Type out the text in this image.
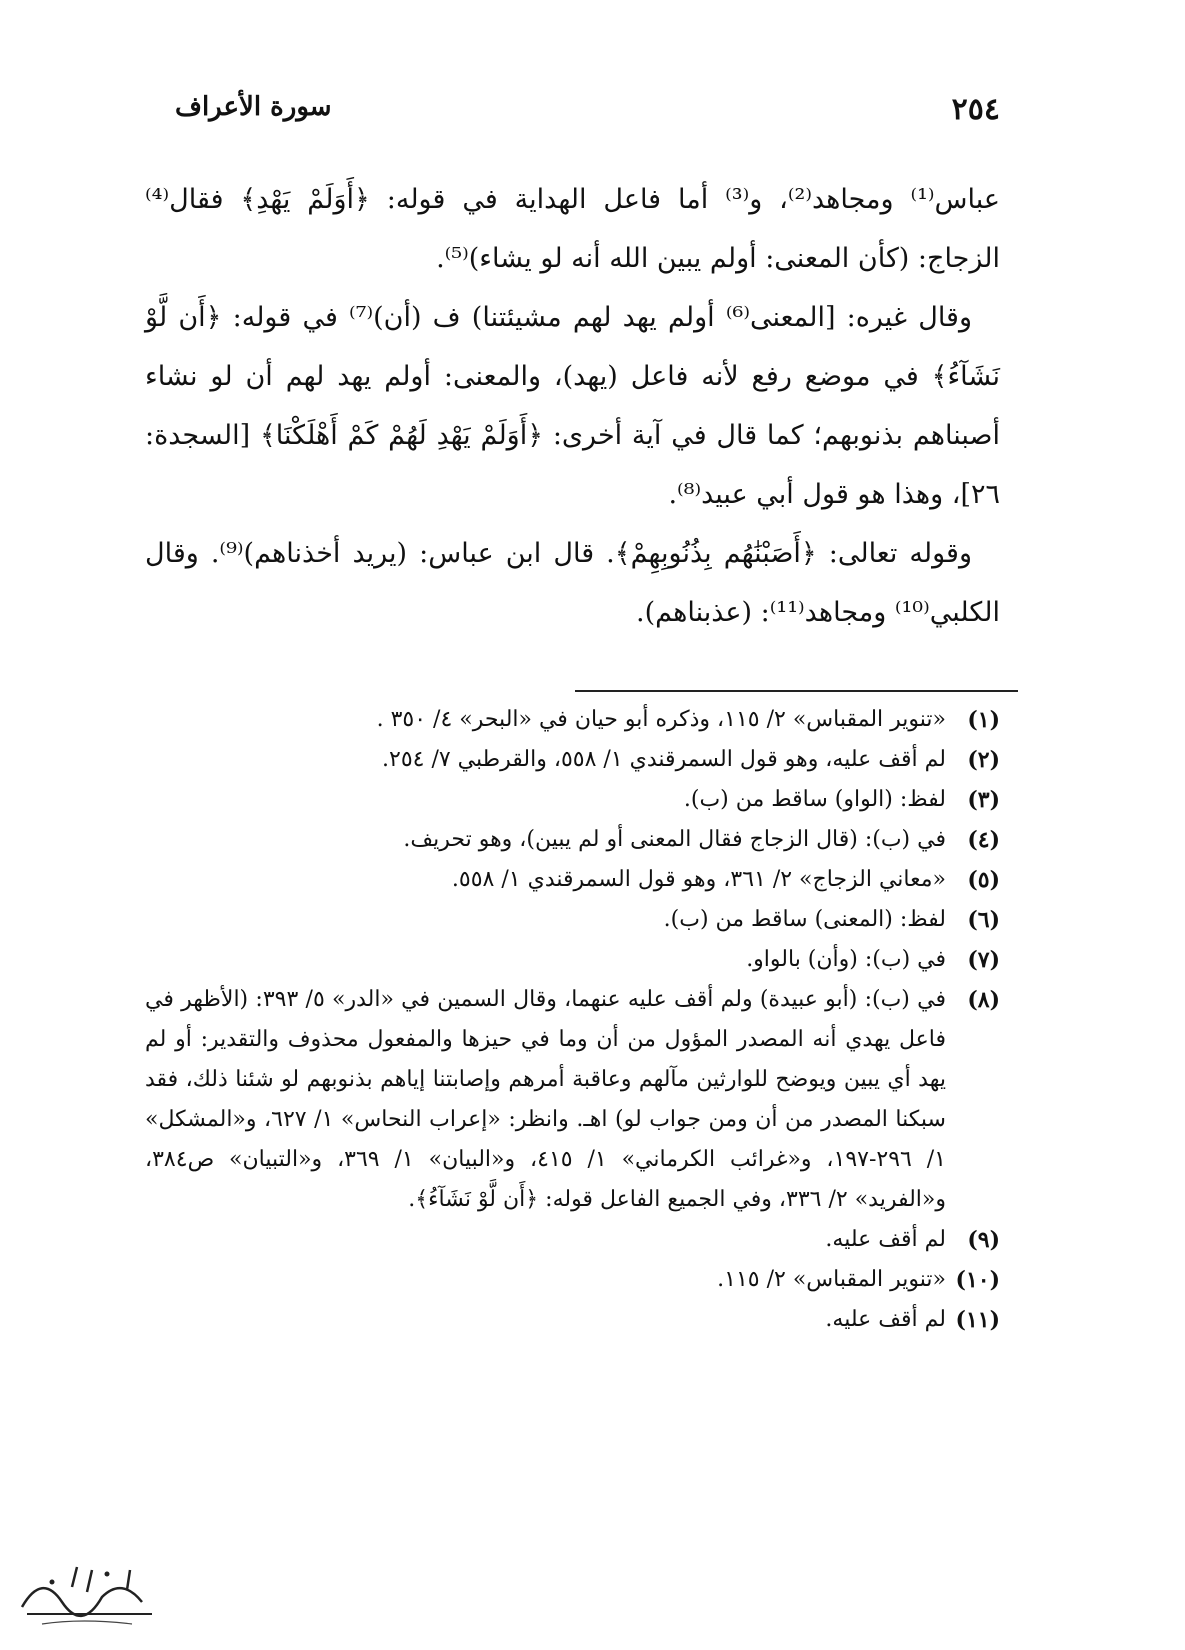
٢٥٤
سورة الأعراف

عباس⁽¹⁾ ومجاهد⁽²⁾، و⁽³⁾ أما فاعل الهداية في قوله: ﴿أَوَلَمْ يَهْدِ﴾ فقال⁽⁴⁾ الزجاج: (كأن المعنى: أولم يبين الله أنه لو يشاء)⁽⁵⁾.

وقال غيره: [المعنى⁽⁶⁾ أولم يهد لهم مشيئتنا) ف (أن)⁽⁷⁾ في قوله: ﴿أَن لَّوْ نَشَآءُ﴾ في موضع رفع لأنه فاعل (يهد)، والمعنى: أولم يهد لهم أن لو نشاء أصبناهم بذنوبهم؛ كما قال في آية أخرى: ﴿أَوَلَمْ يَهْدِ لَهُمْ كَمْ أَهْلَكْنَا﴾ [السجدة: ٢٦]، وهذا هو قول أبي عبيد⁽⁸⁾.

وقوله تعالى: ﴿أَصَبْنَٰهُم بِذُنُوبِهِمْ﴾. قال ابن عباس: (يريد أخذناهم)⁽⁹⁾. وقال الكلبي⁽¹⁰⁾ ومجاهد⁽¹¹⁾: (عذبناهم).

(١)
«تنوير المقباس» ٢/ ١١٥، وذكره أبو حيان في «البحر» ٤/ ٣٥٠ .
(٢)
لم أقف عليه، وهو قول السمرقندي ١/ ٥٥٨، والقرطبي ٧/ ٢٥٤.
(٣)
لفظ: (الواو) ساقط من (ب).
(٤)
في (ب): (قال الزجاج فقال المعنى أو لم يبين)، وهو تحريف.
(٥)
«معاني الزجاج» ٢/ ٣٦١، وهو قول السمرقندي ١/ ٥٥٨.
(٦)
لفظ: (المعنى) ساقط من (ب).
(٧)
في (ب): (وأن) بالواو.
(٨)
في (ب): (أبو عبيدة) ولم أقف عليه عنهما، وقال السمين في «الدر» ٥/ ٣٩٣: (الأظهر في فاعل يهدي أنه المصدر المؤول من أن وما في حيزها والمفعول محذوف والتقدير: أو لم يهد أي يبين ويوضح للوارثين مآلهم وعاقبة أمرهم وإصابتنا إياهم بذنوبهم لو شئنا ذلك، فقد سبكنا المصدر من أن ومن جواب لو) اهـ. وانظر: «إعراب النحاس» ١/ ٦٢٧، و«المشكل» ١/ ٢٩٦-١٩٧، و«غرائب الكرماني» ١/ ٤١٥، و«البيان» ١/ ٣٦٩، و«التبيان» ص٣٨٤، و«الفريد» ٢/ ٣٣٦، وفي الجميع الفاعل قوله: ﴿أَن لَّوْ نَشَآءُ﴾.
(٩)
لم أقف عليه.
(١٠)
«تنوير المقباس» ٢/ ١١٥.
(١١)
لم أقف عليه.
